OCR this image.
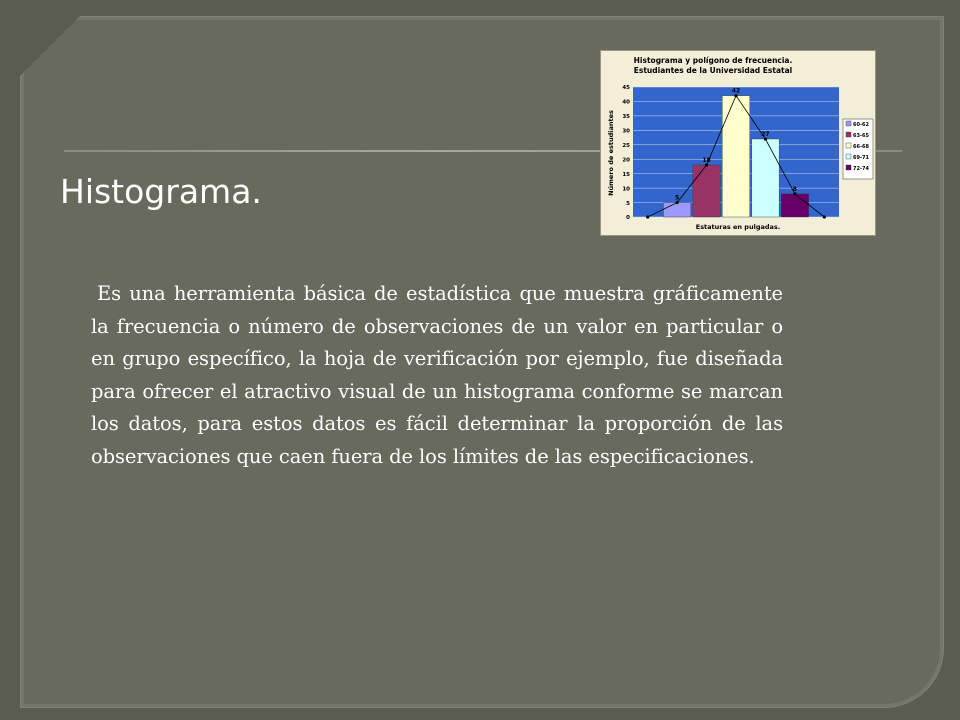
Histograma.

Es una herramienta básica de estadística que muestra gráficamente la frecuencia o número de observaciones de un valor en particular o en grupo específico, la hoja de verificación por ejemplo, fue diseñada para ofrecer el atractivo visual de un histograma conforme se marcan los datos, para estos datos es fácil determinar la proporción de las observaciones que caen fuera de los límites de las especificaciones.

Histograma y polígono de frecuencia.
Estudiantes de la Universidad Estatal
Número de estudiantes
Estaturas en pulgadas.
0
5
10
15
20
25
30
35
40
45
5
18
42
27
8
60-62
63-65
66-68
69-71
72-74
